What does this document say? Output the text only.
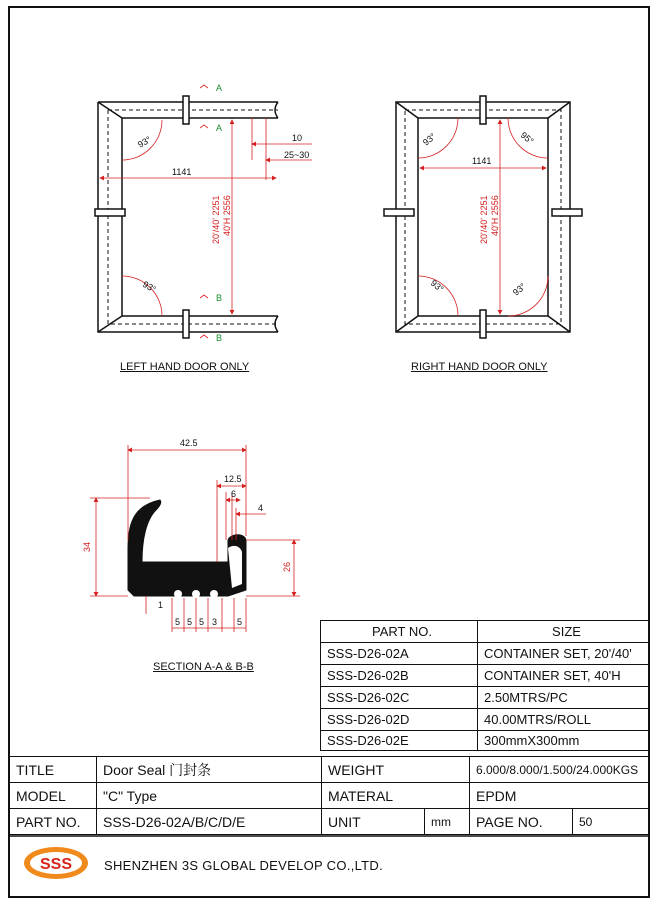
1141
20'/40' 2251 40'H 2556
93°
93°
10
25~30
A
A
B
B
1141
20'/40' 2251 40'H 2556
93°	95°
93°	93°
42.5
12.5
6
4
34
26
1
5 5 5 3 5
LEFT HAND DOOR ONLY	RIGHT HAND DOOR ONLY
SECTION A-A & B-B
PART NO.	SIZE
SSS-D26-02A	CONTAINER SET, 20'/40'
SSS-D26-02B	CONTAINER SET, 40'H
SSS-D26-02C	2.50MTRS/PC
SSS-D26-02D	40.00MTRS/ROLL
SSS-D26-02E	300mmX300mm
TITLE	Door Seal 门封条	WEIGHT		6.000/8.000/1.500/24.000KGS	
MODEL	"C" Type	MATERAL		EPDM	
PART NO.	SSS-D26-02A/B/C/D/E	UNIT	mm	PAGE NO.	50
SSS SHENZHEN 3S GLOBAL DEVELOP CO.,LTD.
